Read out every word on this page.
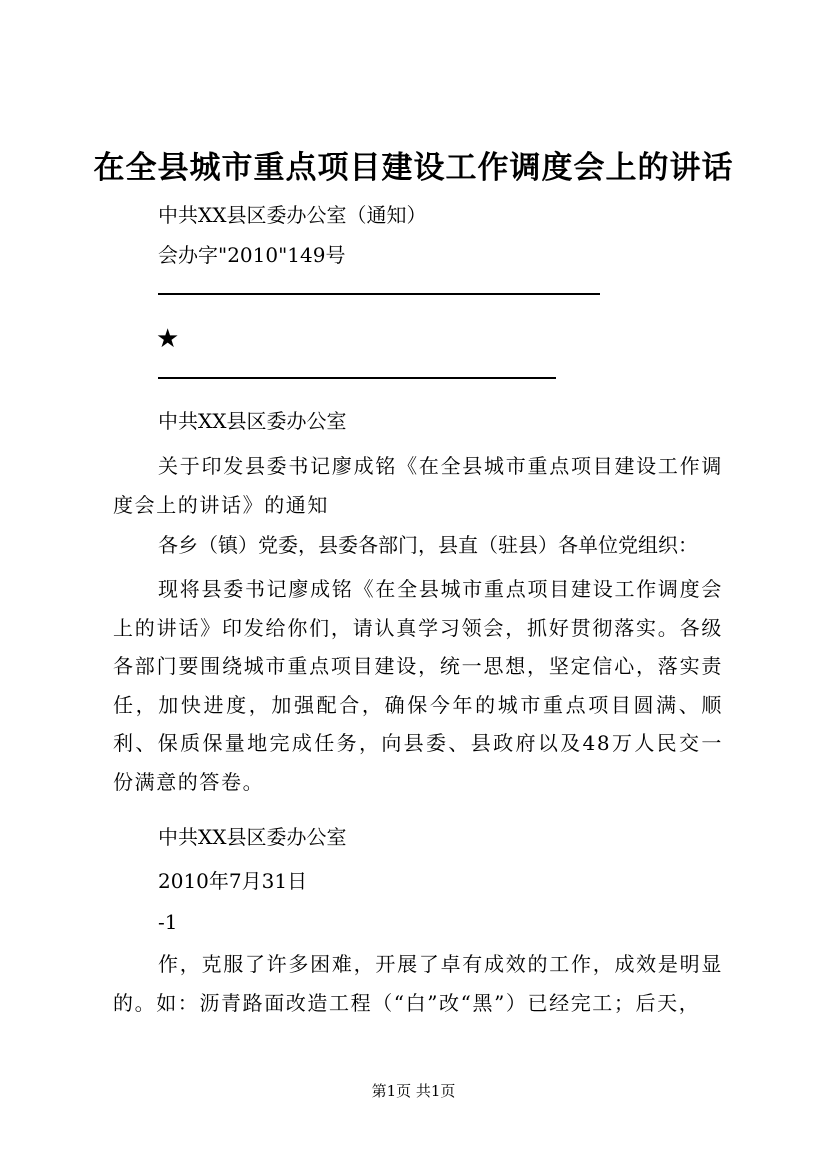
在全县城市重点项目建设工作调度会上的讲话
中共XX县区委办公室（通知）
会办字"2010"149号
★
中共XX县区委办公室
关于印发县委书记廖成铭《在全县城市重点项目建设工作调度会上的讲话》的通知
各乡（镇）党委，县委各部门，县直（驻县）各单位党组织：
现将县委书记廖成铭《在全县城市重点项目建设工作调度会上的讲话》印发给你们，请认真学习领会，抓好贯彻落实。各级各部门要围绕城市重点项目建设，统一思想，坚定信心，落实责任，加快进度，加强配合，确保今年的城市重点项目圆满、顺利、保质保量地完成任务，向县委、县政府以及48万人民交一份满意的答卷。
中共XX县区委办公室
2010年7月31日
-1
作，克服了许多困难，开展了卓有成效的工作，成效是明显的。如：沥青路面改造工程（“白”改“黑”）已经完工；后天，
第1页 共1页
